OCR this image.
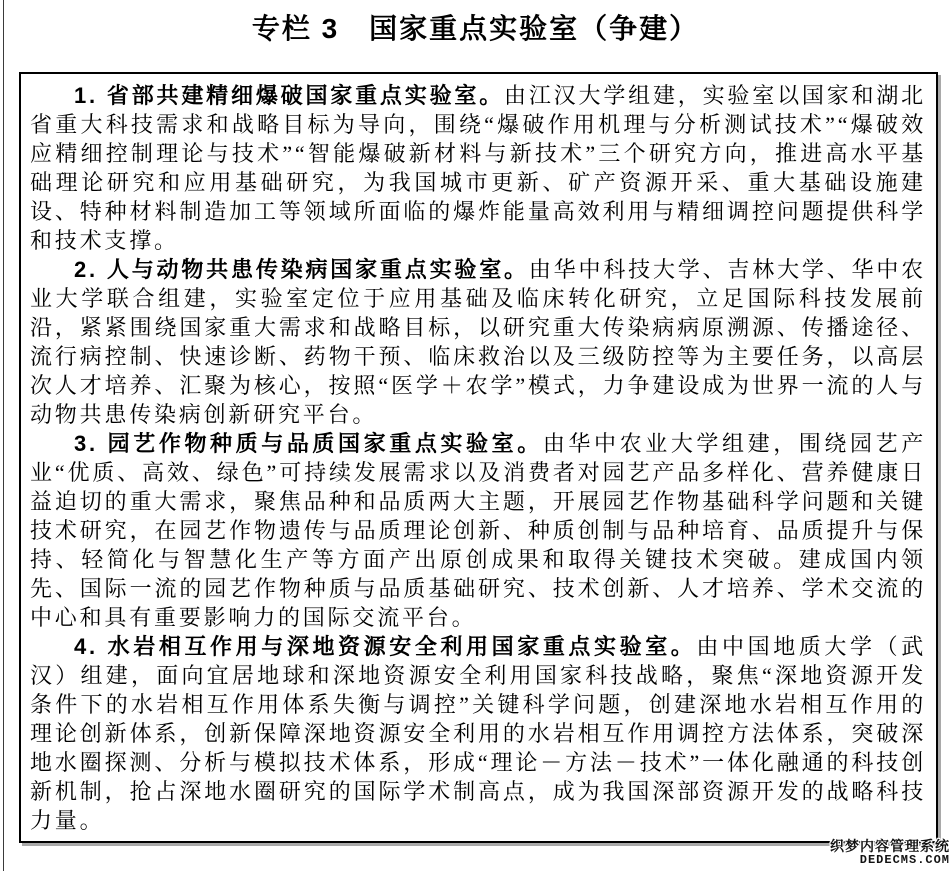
专栏 3　国家重点实验室（争建）

1. 省部共建精细爆破国家重点实验室。由江汉大学组建，实验室以国家和湖北省重大科技需求和战略目标为导向，围绕“爆破作用机理与分析测试技术”“爆破效应精细控制理论与技术”“智能爆破新材料与新技术”三个研究方向，推进高水平基础理论研究和应用基础研究，为我国城市更新、矿产资源开采、重大基础设施建设、特种材料制造加工等领域所面临的爆炸能量高效利用与精细调控问题提供科学和技术支撑。

2. 人与动物共患传染病国家重点实验室。由华中科技大学、吉林大学、华中农业大学联合组建，实验室定位于应用基础及临床转化研究，立足国际科技发展前沿，紧紧围绕国家重大需求和战略目标，以研究重大传染病病原溯源、传播途径、流行病控制、快速诊断、药物干预、临床救治以及三级防控等为主要任务，以高层次人才培养、汇聚为核心，按照“医学＋农学”模式，力争建设成为世界一流的人与动物共患传染病创新研究平台。

3. 园艺作物种质与品质国家重点实验室。由华中农业大学组建，围绕园艺产业“优质、高效、绿色”可持续发展需求以及消费者对园艺产品多样化、营养健康日益迫切的重大需求，聚焦品种和品质两大主题，开展园艺作物基础科学问题和关键技术研究，在园艺作物遗传与品质理论创新、种质创制与品种培育、品质提升与保持、轻简化与智慧化生产等方面产出原创成果和取得关键技术突破。建成国内领先、国际一流的园艺作物种质与品质基础研究、技术创新、人才培养、学术交流的中心和具有重要影响力的国际交流平台。

4. 水岩相互作用与深地资源安全利用国家重点实验室。由中国地质大学（武汉）组建，面向宜居地球和深地资源安全利用国家科技战略，聚焦“深地资源开发条件下的水岩相互作用体系失衡与调控”关键科学问题，创建深地水岩相互作用的理论创新体系，创新保障深地资源安全利用的水岩相互作用调控方法体系，突破深地水圈探测、分析与模拟技术体系，形成“理论－方法－技术”一体化融通的科技创新机制，抢占深地水圈研究的国际学术制高点，成为我国深部资源开发的战略科技力量。

织梦内容管理系统
DEDECMS.COM
